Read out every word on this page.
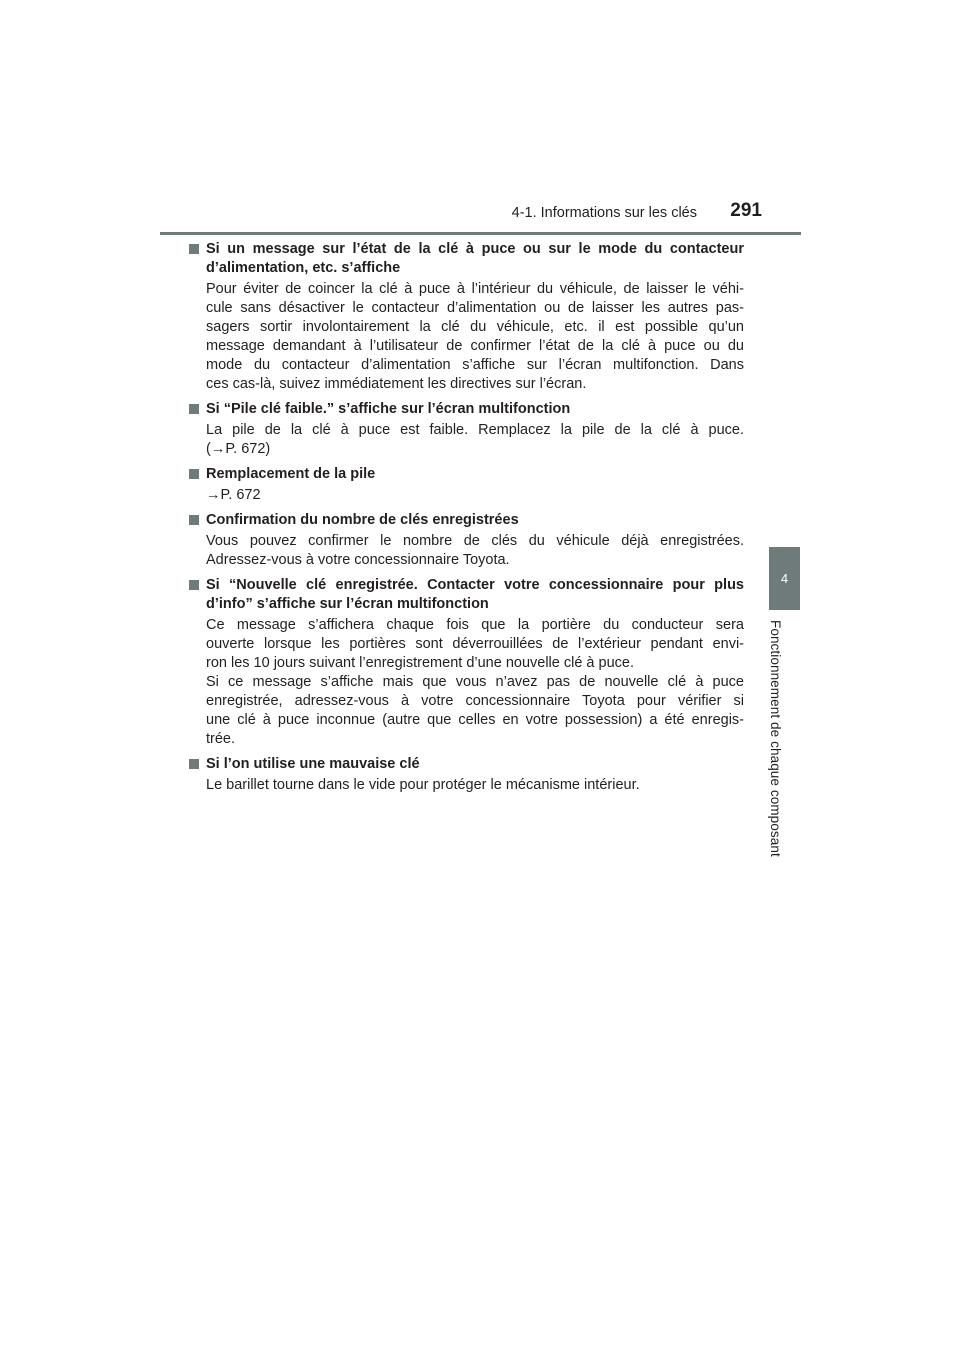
4-1. Informations sur les clés	291
4
Fonctionnement de chaque composant
Si un message sur l’état de la clé à puce ou sur le mode du contacteur
d’alimentation, etc. s’affiche
Pour éviter de coincer la clé à puce à l’intérieur du véhicule, de laisser le véhi-
cule sans désactiver le contacteur d’alimentation ou de laisser les autres pas-
sagers sortir involontairement la clé du véhicule, etc. il est possible qu’un
message demandant à l’utilisateur de confirmer l’état de la clé à puce ou du
mode du contacteur d’alimentation s’affiche sur l’écran multifonction. Dans
ces cas-là, suivez immédiatement les directives sur l’écran.
Si “Pile clé faible.” s’affiche sur l’écran multifonction
La pile de la clé à puce est faible. Remplacez la pile de la clé à puce.
(→P. 672)
Remplacement de la pile
→P. 672
Confirmation du nombre de clés enregistrées
Vous pouvez confirmer le nombre de clés du véhicule déjà enregistrées.
Adressez-vous à votre concessionnaire Toyota.
Si “Nouvelle clé enregistrée. Contacter votre concessionnaire pour plus
d’info” s’affiche sur l’écran multifonction
Ce message s’affichera chaque fois que la portière du conducteur sera
ouverte lorsque les portières sont déverrouillées de l’extérieur pendant envi-
ron les 10 jours suivant l’enregistrement d’une nouvelle clé à puce.
Si ce message s’affiche mais que vous n’avez pas de nouvelle clé à puce
enregistrée, adressez-vous à votre concessionnaire Toyota pour vérifier si
une clé à puce inconnue (autre que celles en votre possession) a été enregis-
trée.
Si l’on utilise une mauvaise clé
Le barillet tourne dans le vide pour protéger le mécanisme intérieur.
